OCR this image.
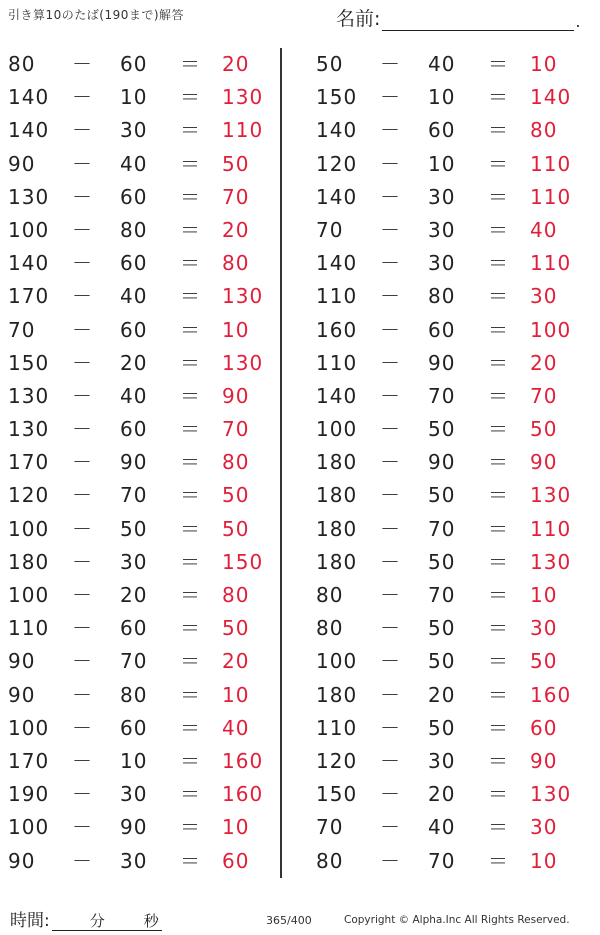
引き算10のたば(190まで)解答	名前:	.
80	－ 60	＝ 20
140	－ 10	＝ 130
140	－ 30	＝ 110
90	－ 40	＝ 50
130	－ 60	＝ 70
100	－ 80	＝ 20
140	－ 60	＝ 80
170	－ 40	＝ 130
70	－ 60	＝ 10
150	－ 20	＝ 130
130	－ 40	＝ 90
130	－ 60	＝ 70
170	－ 90	＝ 80
120	－ 70	＝ 50
100	－ 50	＝ 50
180	－ 30	＝ 150
100	－ 20	＝ 80
110	－ 60	＝ 50
90	－ 70	＝ 20
90	－ 80	＝ 10
100	－ 60	＝ 40
170	－ 10	＝ 160
190	－ 30	＝ 160
100	－ 90	＝ 10
90	－ 30	＝ 60
50	－ 40	＝ 10
150	－ 10	＝ 140
140	－ 60	＝ 80
120	－ 10	＝ 110
140	－ 30	＝ 110
70	－ 30	＝ 40
140	－ 30	＝ 110
110	－ 80	＝ 30
160	－ 60	＝ 100
110	－ 90	＝ 20
140	－ 70	＝ 70
100	－ 50	＝ 50
180	－ 90	＝ 90
180	－ 50	＝ 130
180	－ 70	＝ 110
180	－ 50	＝ 130
80	－ 70	＝ 10
80	－ 50	＝ 30
100	－ 50	＝ 50
180	－ 20	＝ 160
110	－ 50	＝ 60
120	－ 30	＝ 90
150	－ 20	＝ 130
70	－ 40	＝ 30
80	－ 70	＝ 10
時間:	分	秒	365/400	Copyright © Alpha.Inc All Rights Reserved.
